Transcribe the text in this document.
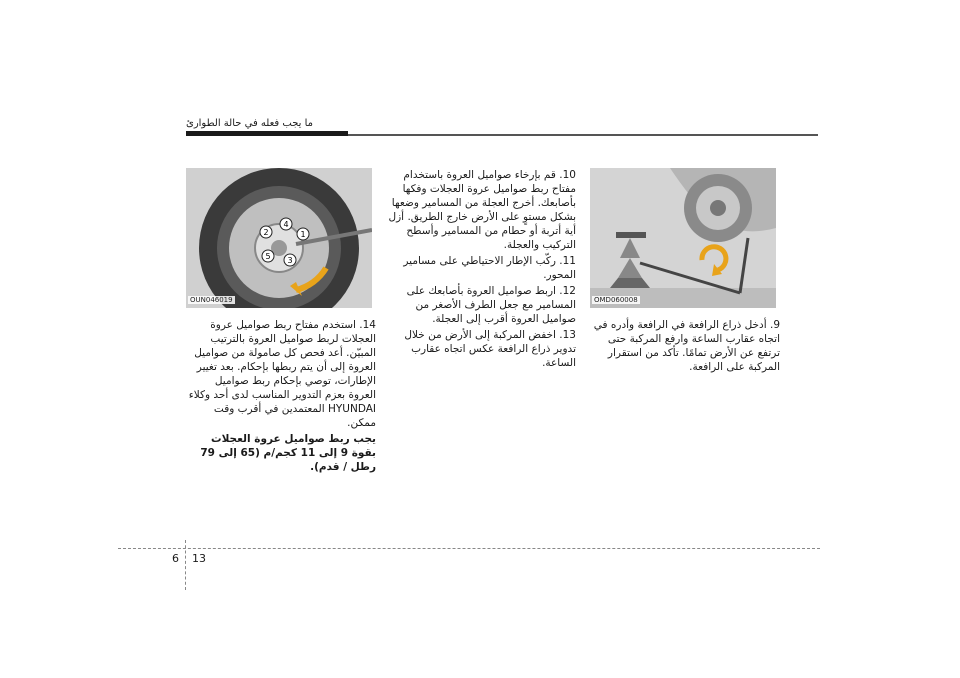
ما يجب فعله في حالة الطوارئ
OMD060008
1
2
3
4
5
OUN046019

9. أدخل ذراع الرافعة في الرافعة وأدره في اتجاه عقارب الساعة وارفع المركبة حتى ترتفع عن الأرض تمامًا. تأكد من استقرار المركبة على الرافعة.

10. قم بإرخاء صواميل العروة باستخدام مفتاح ربط صواميل عروة العجلات وفكها بأصابعك. أخرج العجلة من المسامير وضعها بشكل مستوٍ على الأرض خارج الطريق. أزل أية أتربة أو حطام من المسامير وأسطح التركيب والعجلة.

11. ركّب الإطار الاحتياطي على مسامير المحور.

12. اربط صواميل العروة بأصابعك على المسامير مع جعل الطرف الأصغر من صواميل العروة أقرب إلى العجلة.

13. اخفض المركبة إلى الأرض من خلال تدوير ذراع الرافعة عكس اتجاه عقارب الساعة.

14. استخدم مفتاح ربط صواميل عروة العجلات لربط صواميل العروة بالترتيب المبيّن. أعد فحص كل صامولة من صواميل العروة إلى أن يتم ربطها بإحكام. بعد تغيير الإطارات، توصي بإحكام ربط صواميل العروة بعزم التدوير المناسب لدى أحد وكلاء HYUNDAI المعتمدين في أقرب وقت ممكن.

يجب ربط صواميل عروة العجلات بقوة 9 إلى 11 كجم/م (65 إلى 79 رطل / قدم).

6 13
